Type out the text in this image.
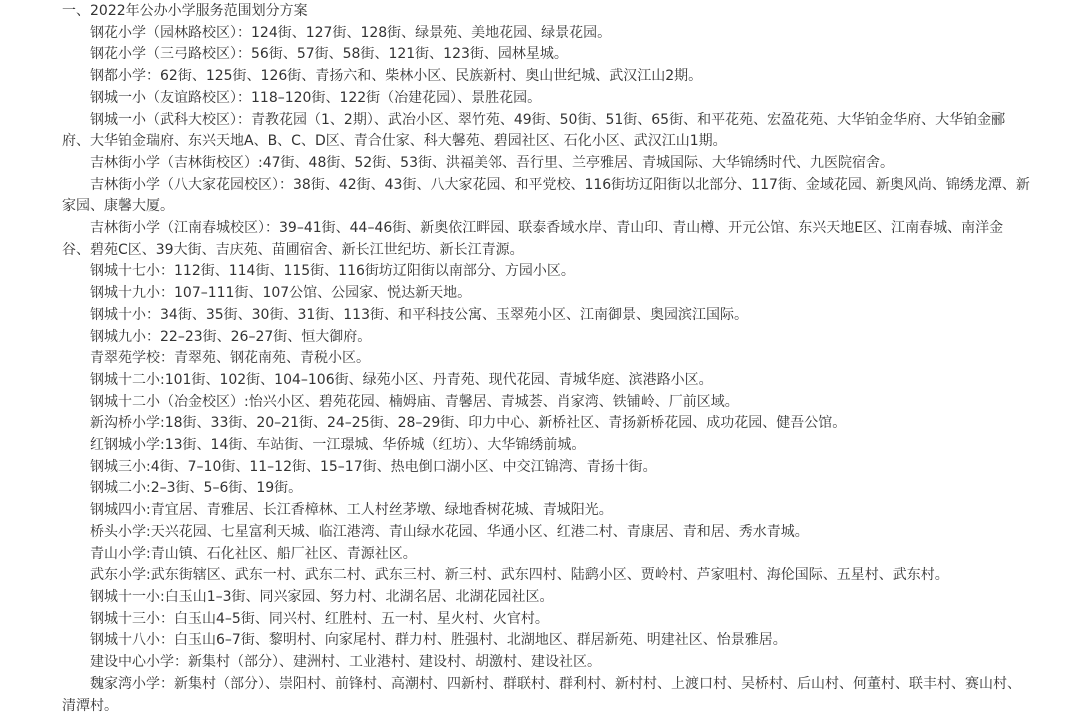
一、2022年公办小学服务范围划分方案

钢花小学（园林路校区）：124街、127街、128街、绿景苑、美地花园、绿景花园。

钢花小学（三弓路校区）：56街、57街、58街、121街、123街、园林星城。

钢都小学：62街、125街、126街、青扬六和、柴林小区、民族新村、奥山世纪城、武汉江山2期。

钢城一小（友谊路校区）：118–120街、122街（冶建花园）、景胜花园。

钢城一小（武科大校区）：青教花园（1、2期）、武冶小区、翠竹苑、49街、50街、51街、65街、和平花苑、宏盈花苑、大华铂金华府、大华铂金郦府、大华铂金瑞府、东兴天地A、B、C、D区、青合仕家、科大馨苑、碧园社区、石化小区、武汉江山1期。

吉林街小学（吉林街校区）:47街、48街、52街、53街、洪福美邻、吾行里、兰亭雅居、青城国际、大华锦绣时代、九医院宿舍。

吉林街小学（八大家花园校区）：38街、42街、43街、八大家花园、和平党校、116街坊辽阳街以北部分、117街、金域花园、新奥风尚、锦绣龙潭、新家园、康馨大厦。

吉林街小学（江南春城校区）：39–41街、44–46街、新奥依江畔园、联泰香域水岸、青山印、青山樽、开元公馆、东兴天地E区、江南春城、南洋金谷、碧苑C区、39大街、吉庆苑、苗圃宿舍、新长江世纪坊、新长江青源。

钢城十七小：112街、114街、115街、116街坊辽阳街以南部分、方园小区。

钢城十九小：107–111街、107公馆、公园家、悦达新天地。

钢城十小：34街、35街、30街、31街、113街、和平科技公寓、玉翠苑小区、江南御景、奥园滨江国际。

钢城九小：22–23街、26–27街、恒大御府。

青翠苑学校：青翠苑、钢花南苑、青税小区。

钢城十二小:101街、102街、104–106街、绿苑小区、丹青苑、现代花园、青城华庭、滨港路小区。

钢城十二小（冶金校区）:怡兴小区、碧苑花园、楠姆庙、青馨居、青城荟、肖家湾、铁铺岭、厂前区域。

新沟桥小学:18街、33街、20–21街、24–25街、28–29街、印力中心、新桥社区、青扬新桥花园、成功花园、健吾公馆。

红钢城小学:13街、14街、车站街、一江璟城、华侨城（红坊）、大华锦绣前城。

钢城三小:4街、7–10街、11–12街、15–17街、热电倒口湖小区、中交江锦湾、青扬十街。

钢城二小:2–3街、5–6街、19街。

钢城四小:青宜居、青雅居、长江香樟林、工人村丝茅墩、绿地香树花城、青城阳光。

桥头小学:天兴花园、七星富利天城、临江港湾、青山绿水花园、华通小区、红港二村、青康居、青和居、秀水青城。

青山小学:青山镇、石化社区、船厂社区、青源社区。

武东小学:武东街辖区、武东一村、武东二村、武东三村、新三村、武东四村、陆鹞小区、贾岭村、芦家咀村、海伦国际、五星村、武东村。

钢城十一小:白玉山1–3街、同兴家园、努力村、北湖名居、北湖花园社区。

钢城十三小：白玉山4–5街、同兴村、红胜村、五一村、星火村、火官村。

钢城十八小：白玉山6–7街、黎明村、向家尾村、群力村、胜强村、北湖地区、群居新苑、明建社区、怡景雅居。

建设中心小学：新集村（部分）、建洲村、工业港村、建设村、胡激村、建设社区。

魏家湾小学：新集村（部分）、崇阳村、前锋村、高潮村、四新村、群联村、群利村、新村村、上渡口村、吴桥村、后山村、何董村、联丰村、赛山村、清潭村。
